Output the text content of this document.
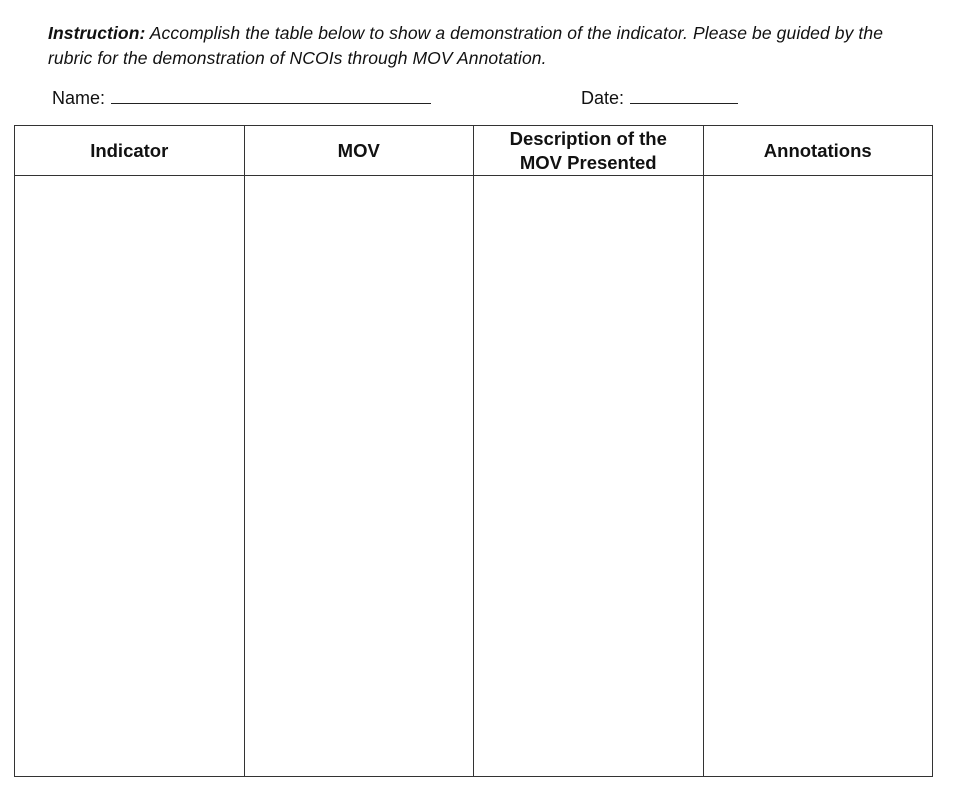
Instruction: Accomplish the table below to show a demonstration of the indicator. Please be guided by the rubric for the demonstration of NCOIs through MOV Annotation.
Name:	Date:
Indicator	MOV	Description of the MOV Presented	Annotations
